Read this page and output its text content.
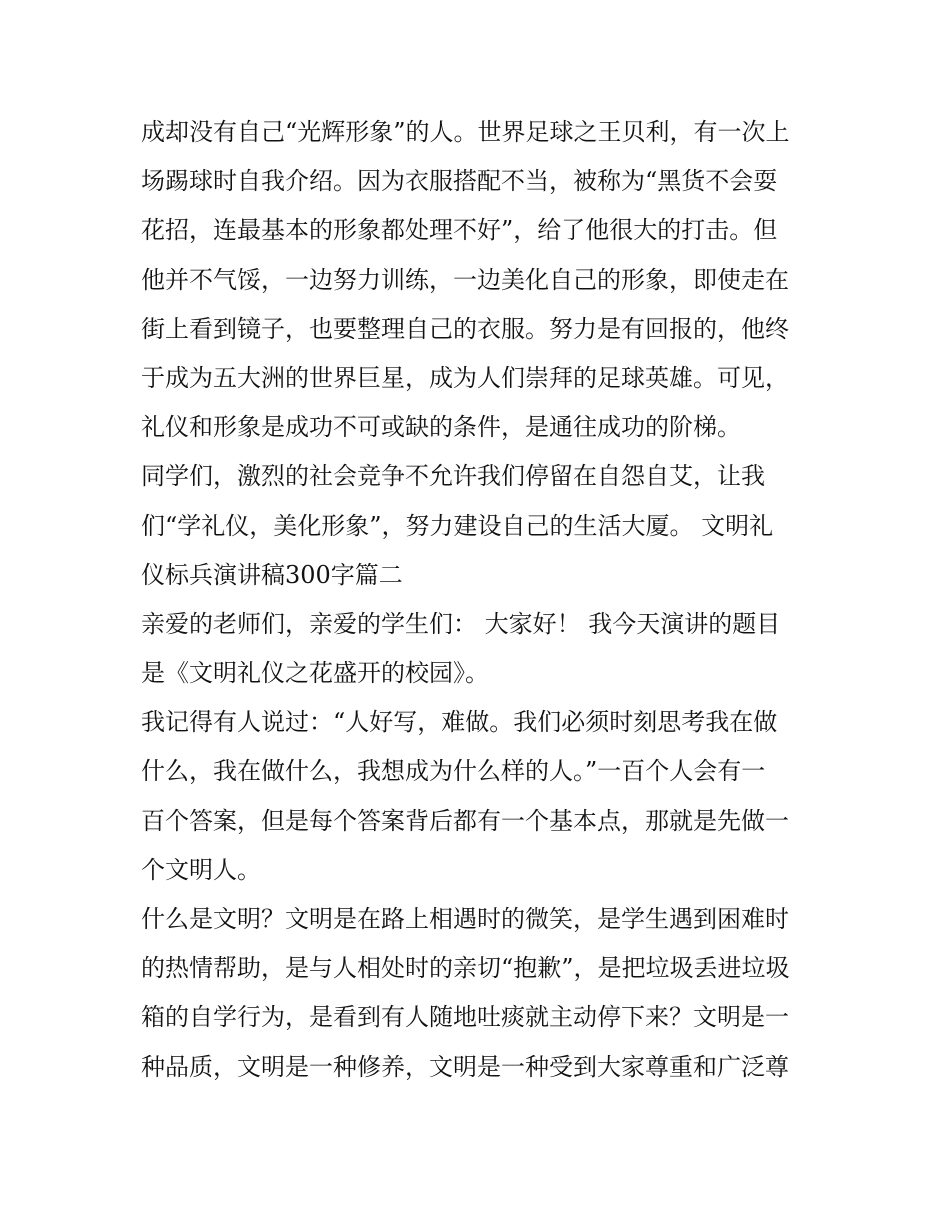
成却没有自己“光辉形象”的人。世界足球之王贝利，有一次上
场踢球时自我介绍。因为衣服搭配不当，被称为“黑货不会耍
花招，连最基本的形象都处理不好”，给了他很大的打击。但
他并不气馁，一边努力训练，一边美化自己的形象，即使走在
街上看到镜子，也要整理自己的衣服。努力是有回报的，他终
于成为五大洲的世界巨星，成为人们崇拜的足球英雄。可见，
礼仪和形象是成功不可或缺的条件，是通往成功的阶梯。
同学们，激烈的社会竞争不允许我们停留在自怨自艾，让我
们“学礼仪，美化形象”，努力建设自己的生活大厦。 文明礼
仪标兵演讲稿300字篇二
亲爱的老师们，亲爱的学生们： 大家好！ 我今天演讲的题目
是《文明礼仪之花盛开的校园》。
我记得有人说过：“人好写，难做。我们必须时刻思考我在做
什么，我在做什么，我想成为什么样的人。”一百个人会有一
百个答案，但是每个答案背后都有一个基本点，那就是先做一
个文明人。
什么是文明？文明是在路上相遇时的微笑，是学生遇到困难时
的热情帮助，是与人相处时的亲切“抱歉”，是把垃圾丢进垃圾
箱的自学行为，是看到有人随地吐痰就主动停下来？文明是一
种品质，文明是一种修养，文明是一种受到大家尊重和广泛尊
